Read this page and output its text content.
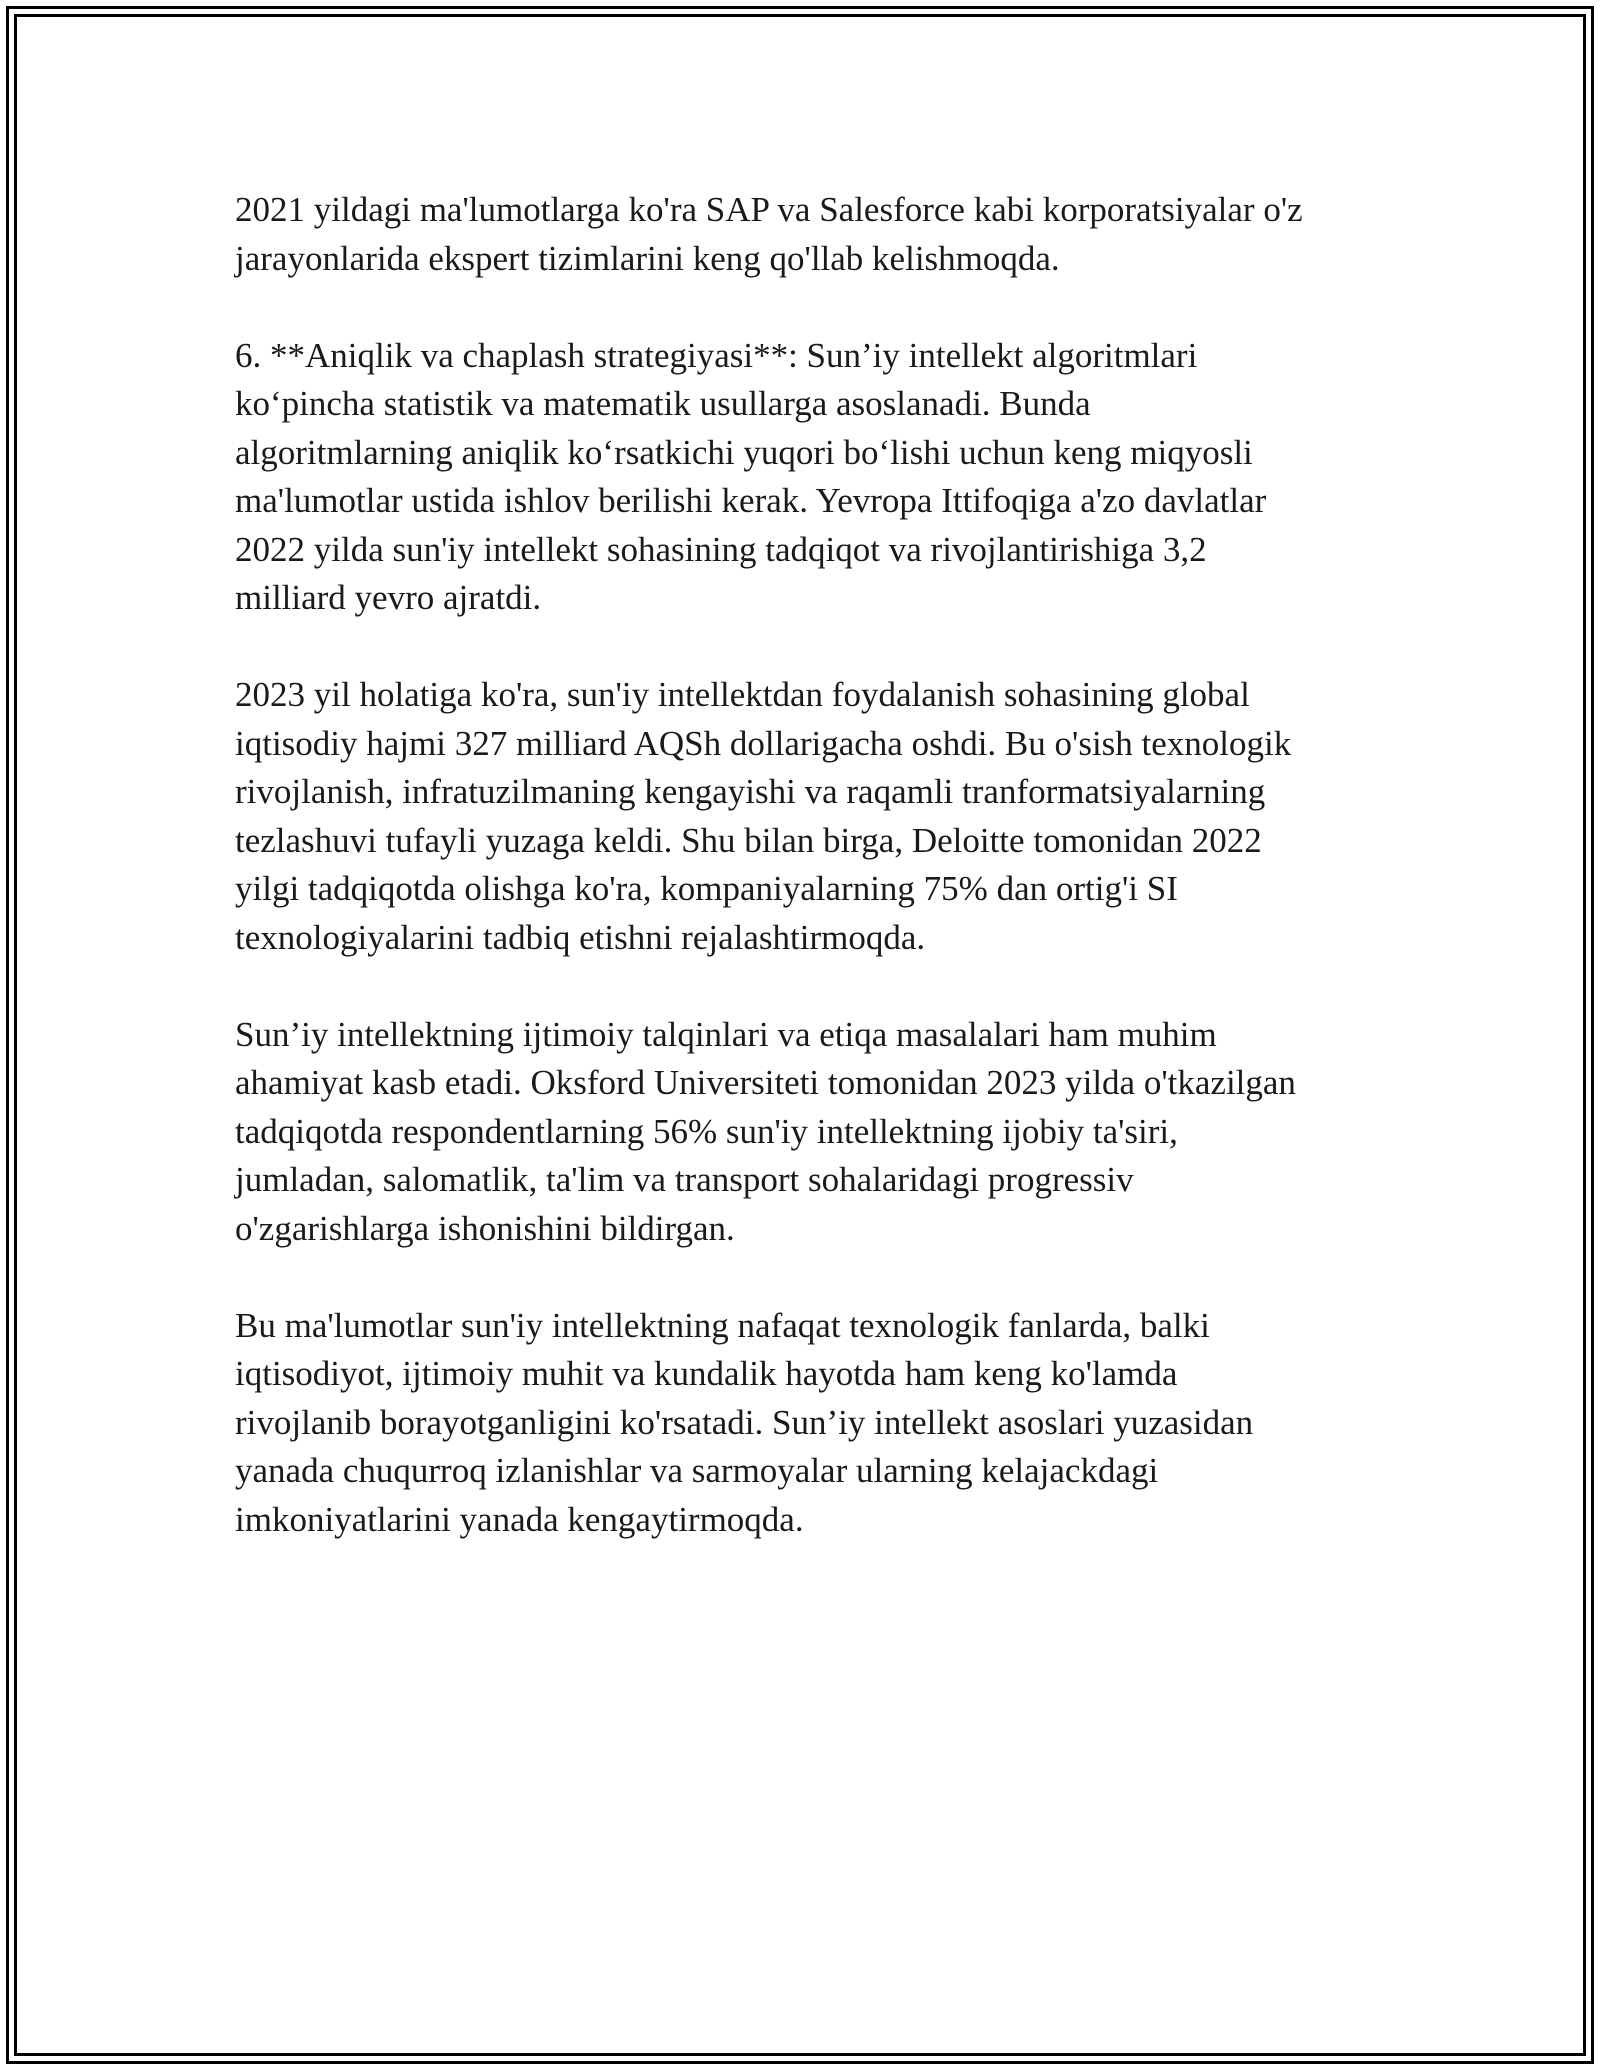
2021 yildagi ma'lumotlarga ko'ra SAP va Salesforce kabi korporatsiyalar o'z
jarayonlarida ekspert tizimlarini keng qo'llab kelishmoqda.

6. **Aniqlik va chaplash strategiyasi**: Sun’iy intellekt algoritmlari
koʻpincha statistik va matematik usullarga asoslanadi. Bunda
algoritmlarning aniqlik koʻrsatkichi yuqori boʻlishi uchun keng miqyosli
ma'lumotlar ustida ishlov berilishi kerak. Yevropa Ittifoqiga a'zo davlatlar
2022 yilda sun'iy intellekt sohasining tadqiqot va rivojlantirishiga 3,2
milliard yevro ajratdi.

2023 yil holatiga ko'ra, sun'iy intellektdan foydalanish sohasining global
iqtisodiy hajmi 327 milliard AQSh dollarigacha oshdi. Bu o'sish texnologik
rivojlanish, infratuzilmaning kengayishi va raqamli tranformatsiyalarning
tezlashuvi tufayli yuzaga keldi. Shu bilan birga, Deloitte tomonidan 2022
yilgi tadqiqotda olishga ko'ra, kompaniyalarning 75% dan ortig'i SI
texnologiyalarini tadbiq etishni rejalashtirmoqda.

Sun’iy intellektning ijtimoiy talqinlari va etiqa masalalari ham muhim
ahamiyat kasb etadi. Oksford Universiteti tomonidan 2023 yilda o'tkazilgan
tadqiqotda respondentlarning 56% sun'iy intellektning ijobiy ta'siri,
jumladan, salomatlik, ta'lim va transport sohalaridagi progressiv
o'zgarishlarga ishonishini bildirgan.

Bu ma'lumotlar sun'iy intellektning nafaqat texnologik fanlarda, balki
iqtisodiyot, ijtimoiy muhit va kundalik hayotda ham keng ko'lamda
rivojlanib borayotganligini ko'rsatadi. Sun’iy intellekt asoslari yuzasidan
yanada chuqurroq izlanishlar va sarmoyalar ularning kelajackdagi
imkoniyatlarini yanada kengaytirmoqda.
